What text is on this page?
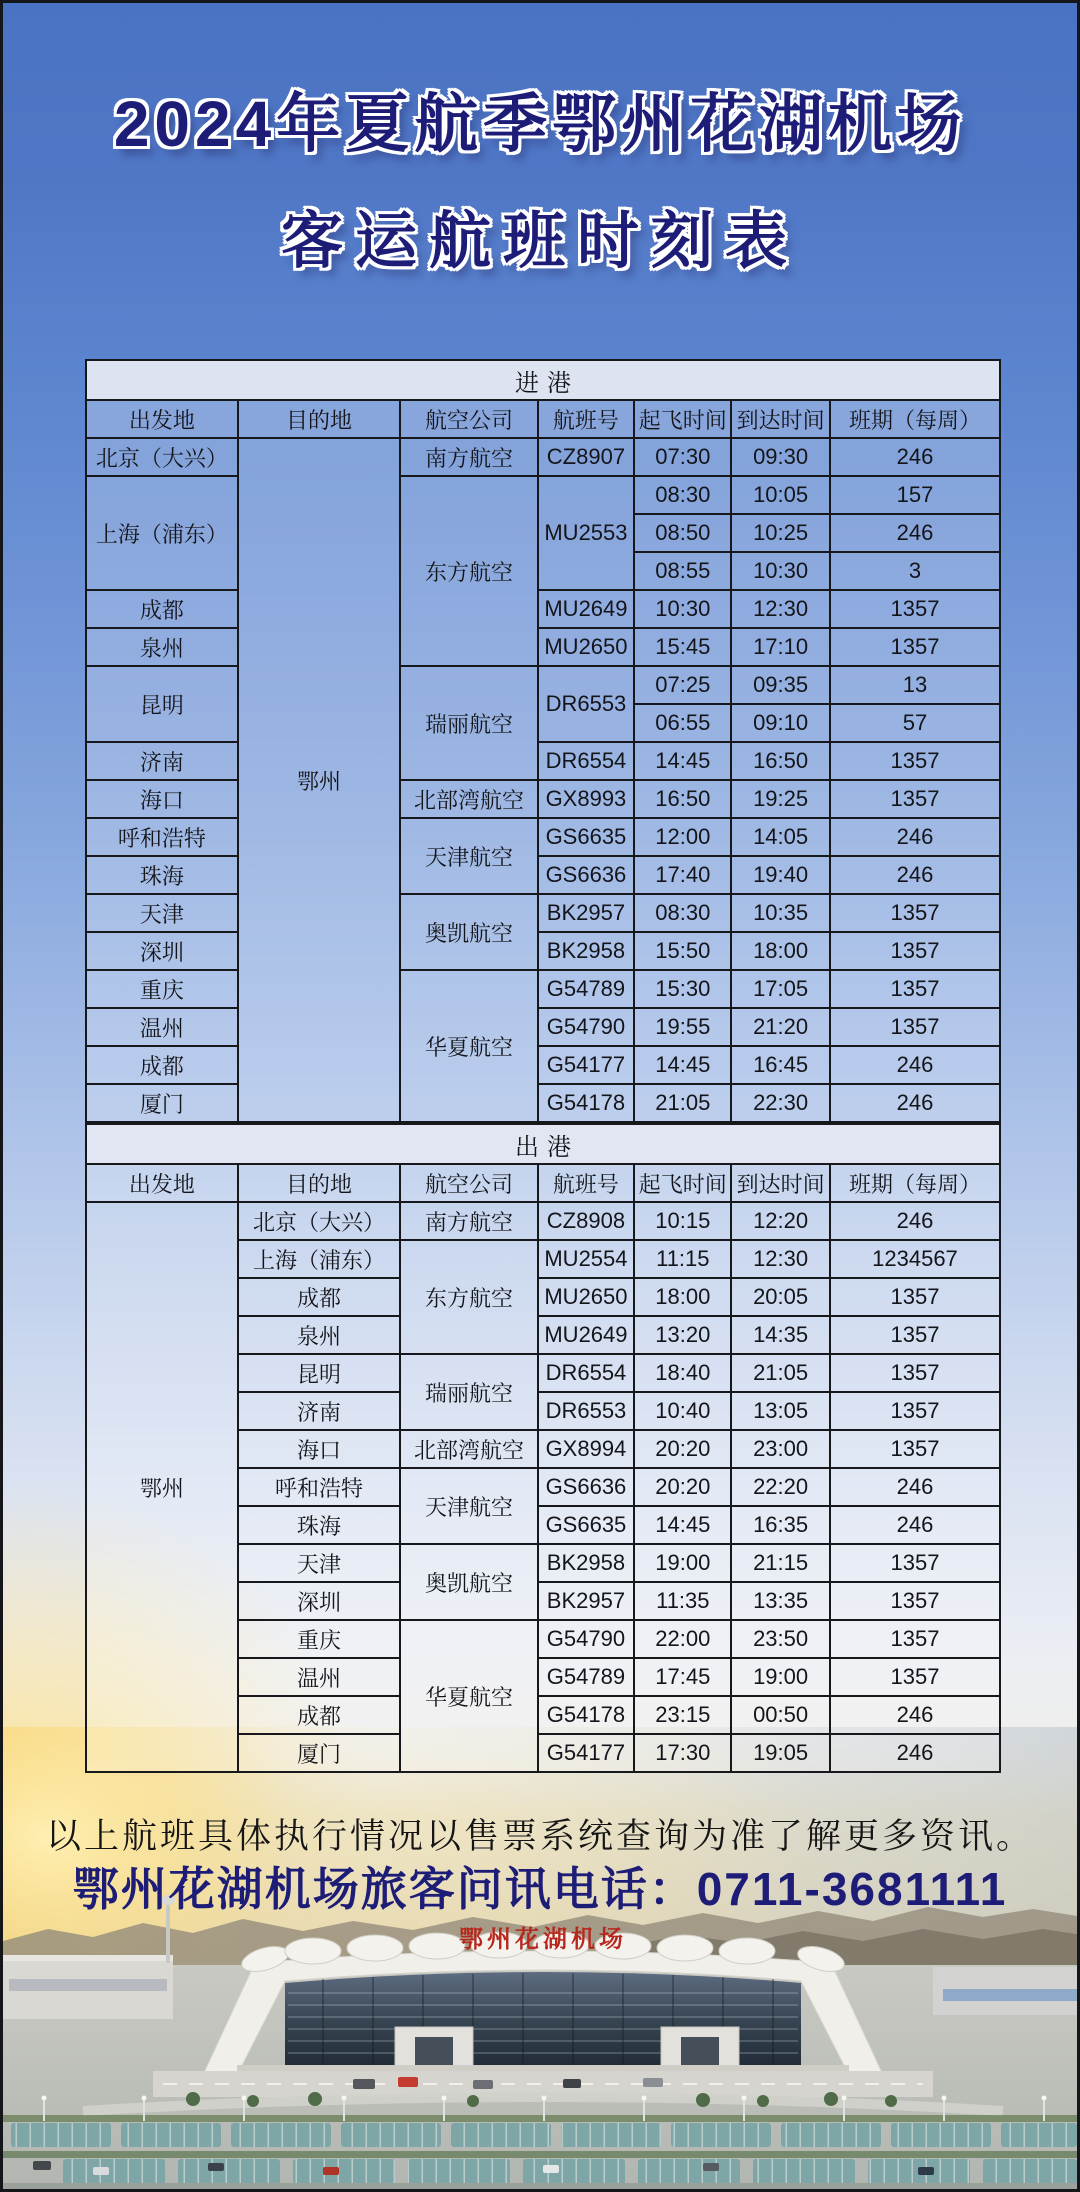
2024年夏航季鄂州花湖机场
客运航班时刻表
进港						
出发地	目的地	航空公司	航班号	起飞时间	到达时间	班期（每周）
北京（大兴）	鄂州	南方航空	CZ8907	07:30	09:30	246
上海（浦东）		东方航空	MU2553	08:30	10:05	157
				08:50	10:25	246
				08:55	10:30	3
成都			MU2649	10:30	12:30	1357
泉州			MU2650	15:45	17:10	1357
昆明		瑞丽航空	DR6553	07:25	09:35	13
				06:55	09:10	57
济南			DR6554	14:45	16:50	1357
海口		北部湾航空	GX8993	16:50	19:25	1357
呼和浩特		天津航空	GS6635	12:00	14:05	246
珠海			GS6636	17:40	19:40	246
天津		奥凯航空	BK2957	08:30	10:35	1357
深圳			BK2958	15:50	18:00	1357
重庆		华夏航空	G54789	15:30	17:05	1357
温州			G54790	19:55	21:20	1357
成都			G54177	14:45	16:45	246
厦门			G54178	21:05	22:30	246
出港						
出发地	目的地	航空公司	航班号	起飞时间	到达时间	班期（每周）
鄂州	北京（大兴）	南方航空	CZ8908	10:15	12:20	246
	上海（浦东）	东方航空	MU2554	11:15	12:30	1234567
	成都		MU2650	18:00	20:05	1357
	泉州		MU2649	13:20	14:35	1357
	昆明	瑞丽航空	DR6554	18:40	21:05	1357
	济南		DR6553	10:40	13:05	1357
	海口	北部湾航空	GX8994	20:20	23:00	1357
	呼和浩特	天津航空	GS6636	20:20	22:20	246
	珠海		GS6635	14:45	16:35	246
	天津	奥凯航空	BK2958	19:00	21:15	1357
	深圳		BK2957	11:35	13:35	1357
	重庆	华夏航空	G54790	22:00	23:50	1357
	温州		G54789	17:45	19:00	1357
	成都		G54178	23:15	00:50	246
	厦门		G54177	17:30	19:05	246
鄂州花湖机场
以上航班具体执行情况以售票系统查询为准了解更多资讯。
鄂州花湖机场旅客问讯电话：0711-3681111
